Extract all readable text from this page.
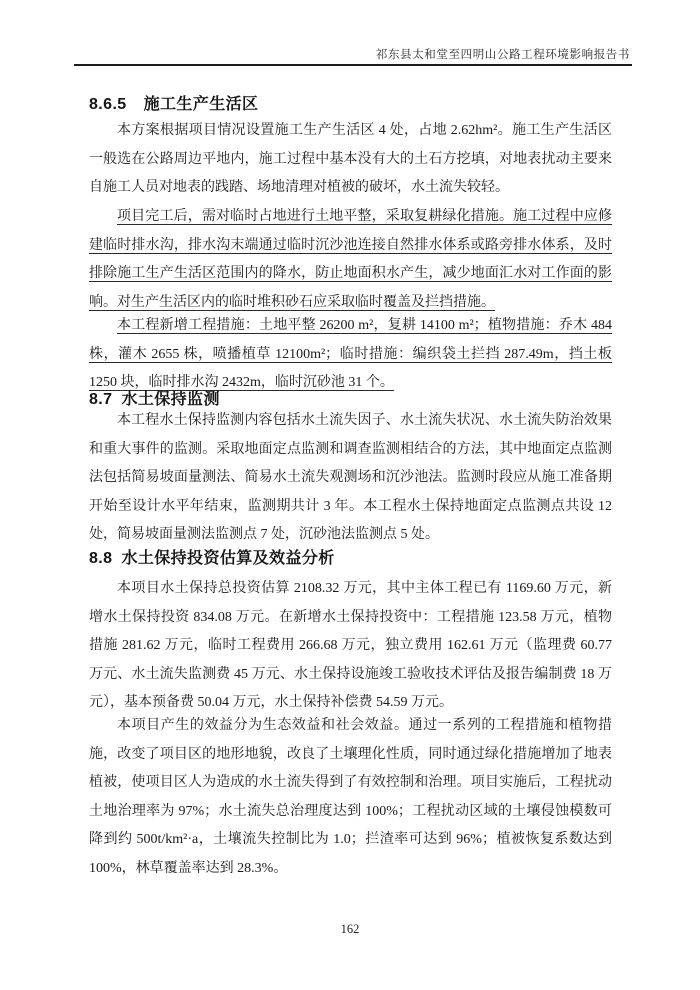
祁东县太和堂至四明山公路工程环境影响报告书
8.6.5 施工生产生活区

本方案根据项目情况设置施工生产生活区 4 处，占地 2.62hm²。施工生产生活区一般选在公路周边平地内，施工过程中基本没有大的土石方挖填，对地表扰动主要来自施工人员对地表的践踏、场地清理对植被的破坏，水土流失较轻。

项目完工后，需对临时占地进行土地平整，采取复耕绿化措施。施工过程中应修建临时排水沟，排水沟末端通过临时沉沙池连接自然排水体系或路旁排水体系，及时排除施工生产生活区范围内的降水，防止地面积水产生，减少地面汇水对工作面的影响。对生产生活区内的临时堆积砂石应采取临时覆盖及拦挡措施。

本工程新增工程措施：土地平整 26200 m²，复耕 14100 m²；植物措施：乔木 484 株，灌木 2655 株，喷播植草 12100m²；临时措施：编织袋土拦挡 287.49m，挡土板 1250 块，临时排水沟 2432m，临时沉砂池 31 个。

8.7 水土保持监测

本工程水土保持监测内容包括水土流失因子、水土流失状况、水土流失防治效果和重大事件的监测。采取地面定点监测和调查监测相结合的方法，其中地面定点监测法包括简易坡面量测法、简易水土流失观测场和沉沙池法。监测时段应从施工准备期开始至设计水平年结束，监测期共计 3 年。本工程水土保持地面定点监测点共设 12 处，简易坡面量测法监测点 7 处，沉砂池法监测点 5 处。

8.8 水土保持投资估算及效益分析

本项目水土保持总投资估算 2108.32 万元，其中主体工程已有 1169.60 万元，新增水土保持投资 834.08 万元。在新增水土保持投资中：工程措施 123.58 万元，植物措施 281.62 万元，临时工程费用 266.68 万元，独立费用 162.61 万元（监理费 60.77 万元、水土流失监测费 45 万元、水土保持设施竣工验收技术评估及报告编制费 18 万元），基本预备费 50.04 万元，水土保持补偿费 54.59 万元。

本项目产生的效益分为生态效益和社会效益。通过一系列的工程措施和植物措施，改变了项目区的地形地貌，改良了土壤理化性质，同时通过绿化措施增加了地表植被，使项目区人为造成的水土流失得到了有效控制和治理。项目实施后，工程扰动土地治理率为 97%；水土流失总治理度达到 100%；工程扰动区域的土壤侵蚀模数可降到约 500t/km²·a，土壤流失控制比为 1.0；拦渣率可达到 96%；植被恢复系数达到 100%，林草覆盖率达到 28.3%。

162
